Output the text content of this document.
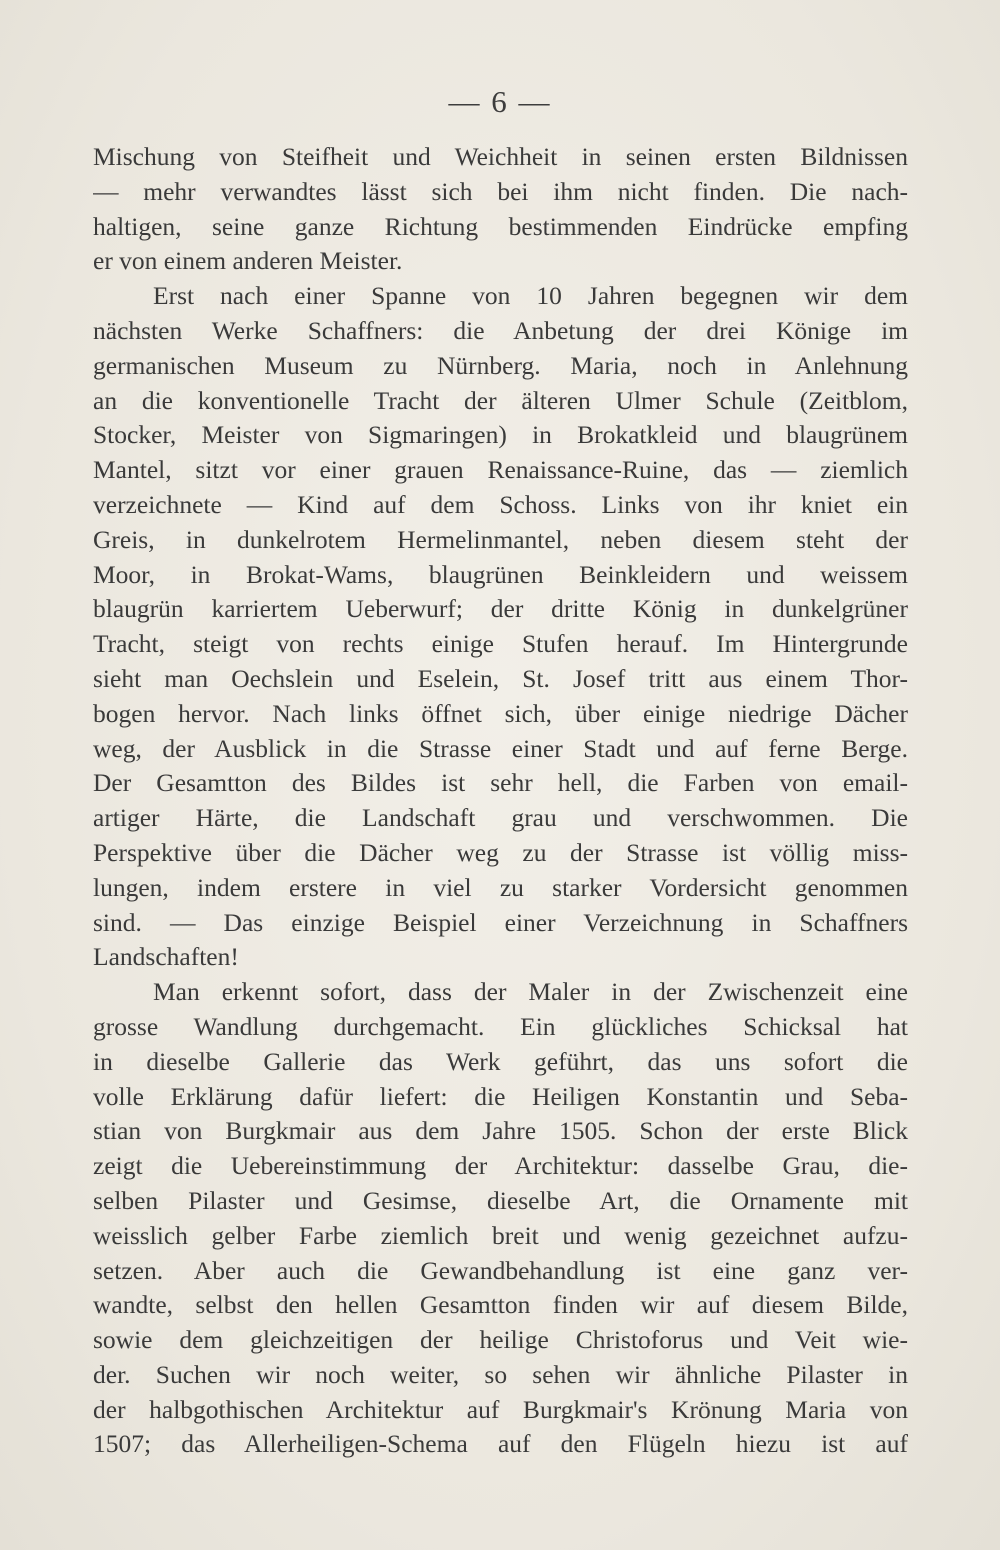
— 6 —
Mischung von Steifheit und Weichheit in seinen ersten Bildnissen
— mehr verwandtes lässt sich bei ihm nicht finden. Die nach-
haltigen, seine ganze Richtung bestimmenden Eindrücke empfing
er von einem anderen Meister.
Erst nach einer Spanne von 10 Jahren begegnen wir dem
nächsten Werke Schaffners: die Anbetung der drei Könige im
germanischen Museum zu Nürnberg. Maria, noch in Anlehnung
an die konventionelle Tracht der älteren Ulmer Schule (Zeitblom,
Stocker, Meister von Sigmaringen) in Brokatkleid und blaugrünem
Mantel, sitzt vor einer grauen Renaissance-Ruine, das — ziemlich
verzeichnete — Kind auf dem Schoss. Links von ihr kniet ein
Greis, in dunkelrotem Hermelinmantel, neben diesem steht der
Moor, in Brokat-Wams, blaugrünen Beinkleidern und weissem
blaugrün karriertem Ueberwurf; der dritte König in dunkelgrüner
Tracht, steigt von rechts einige Stufen herauf. Im Hintergrunde
sieht man Oechslein und Eselein, St. Josef tritt aus einem Thor-
bogen hervor. Nach links öffnet sich, über einige niedrige Dächer
weg, der Ausblick in die Strasse einer Stadt und auf ferne Berge.
Der Gesamtton des Bildes ist sehr hell, die Farben von email-
artiger Härte, die Landschaft grau und verschwommen. Die
Perspektive über die Dächer weg zu der Strasse ist völlig miss-
lungen, indem erstere in viel zu starker Vordersicht genommen
sind. — Das einzige Beispiel einer Verzeichnung in Schaffners
Landschaften!
Man erkennt sofort, dass der Maler in der Zwischenzeit eine
grosse Wandlung durchgemacht. Ein glückliches Schicksal hat
in dieselbe Gallerie das Werk geführt, das uns sofort die
volle Erklärung dafür liefert: die Heiligen Konstantin und Seba-
stian von Burgkmair aus dem Jahre 1505. Schon der erste Blick
zeigt die Uebereinstimmung der Architektur: dasselbe Grau, die-
selben Pilaster und Gesimse, dieselbe Art, die Ornamente mit
weisslich gelber Farbe ziemlich breit und wenig gezeichnet aufzu-
setzen. Aber auch die Gewandbehandlung ist eine ganz ver-
wandte, selbst den hellen Gesamtton finden wir auf diesem Bilde,
sowie dem gleichzeitigen der heilige Christoforus und Veit wie-
der. Suchen wir noch weiter, so sehen wir ähnliche Pilaster in
der halbgothischen Architektur auf Burgkmair's Krönung Maria von
1507; das Allerheiligen-Schema auf den Flügeln hiezu ist auf
